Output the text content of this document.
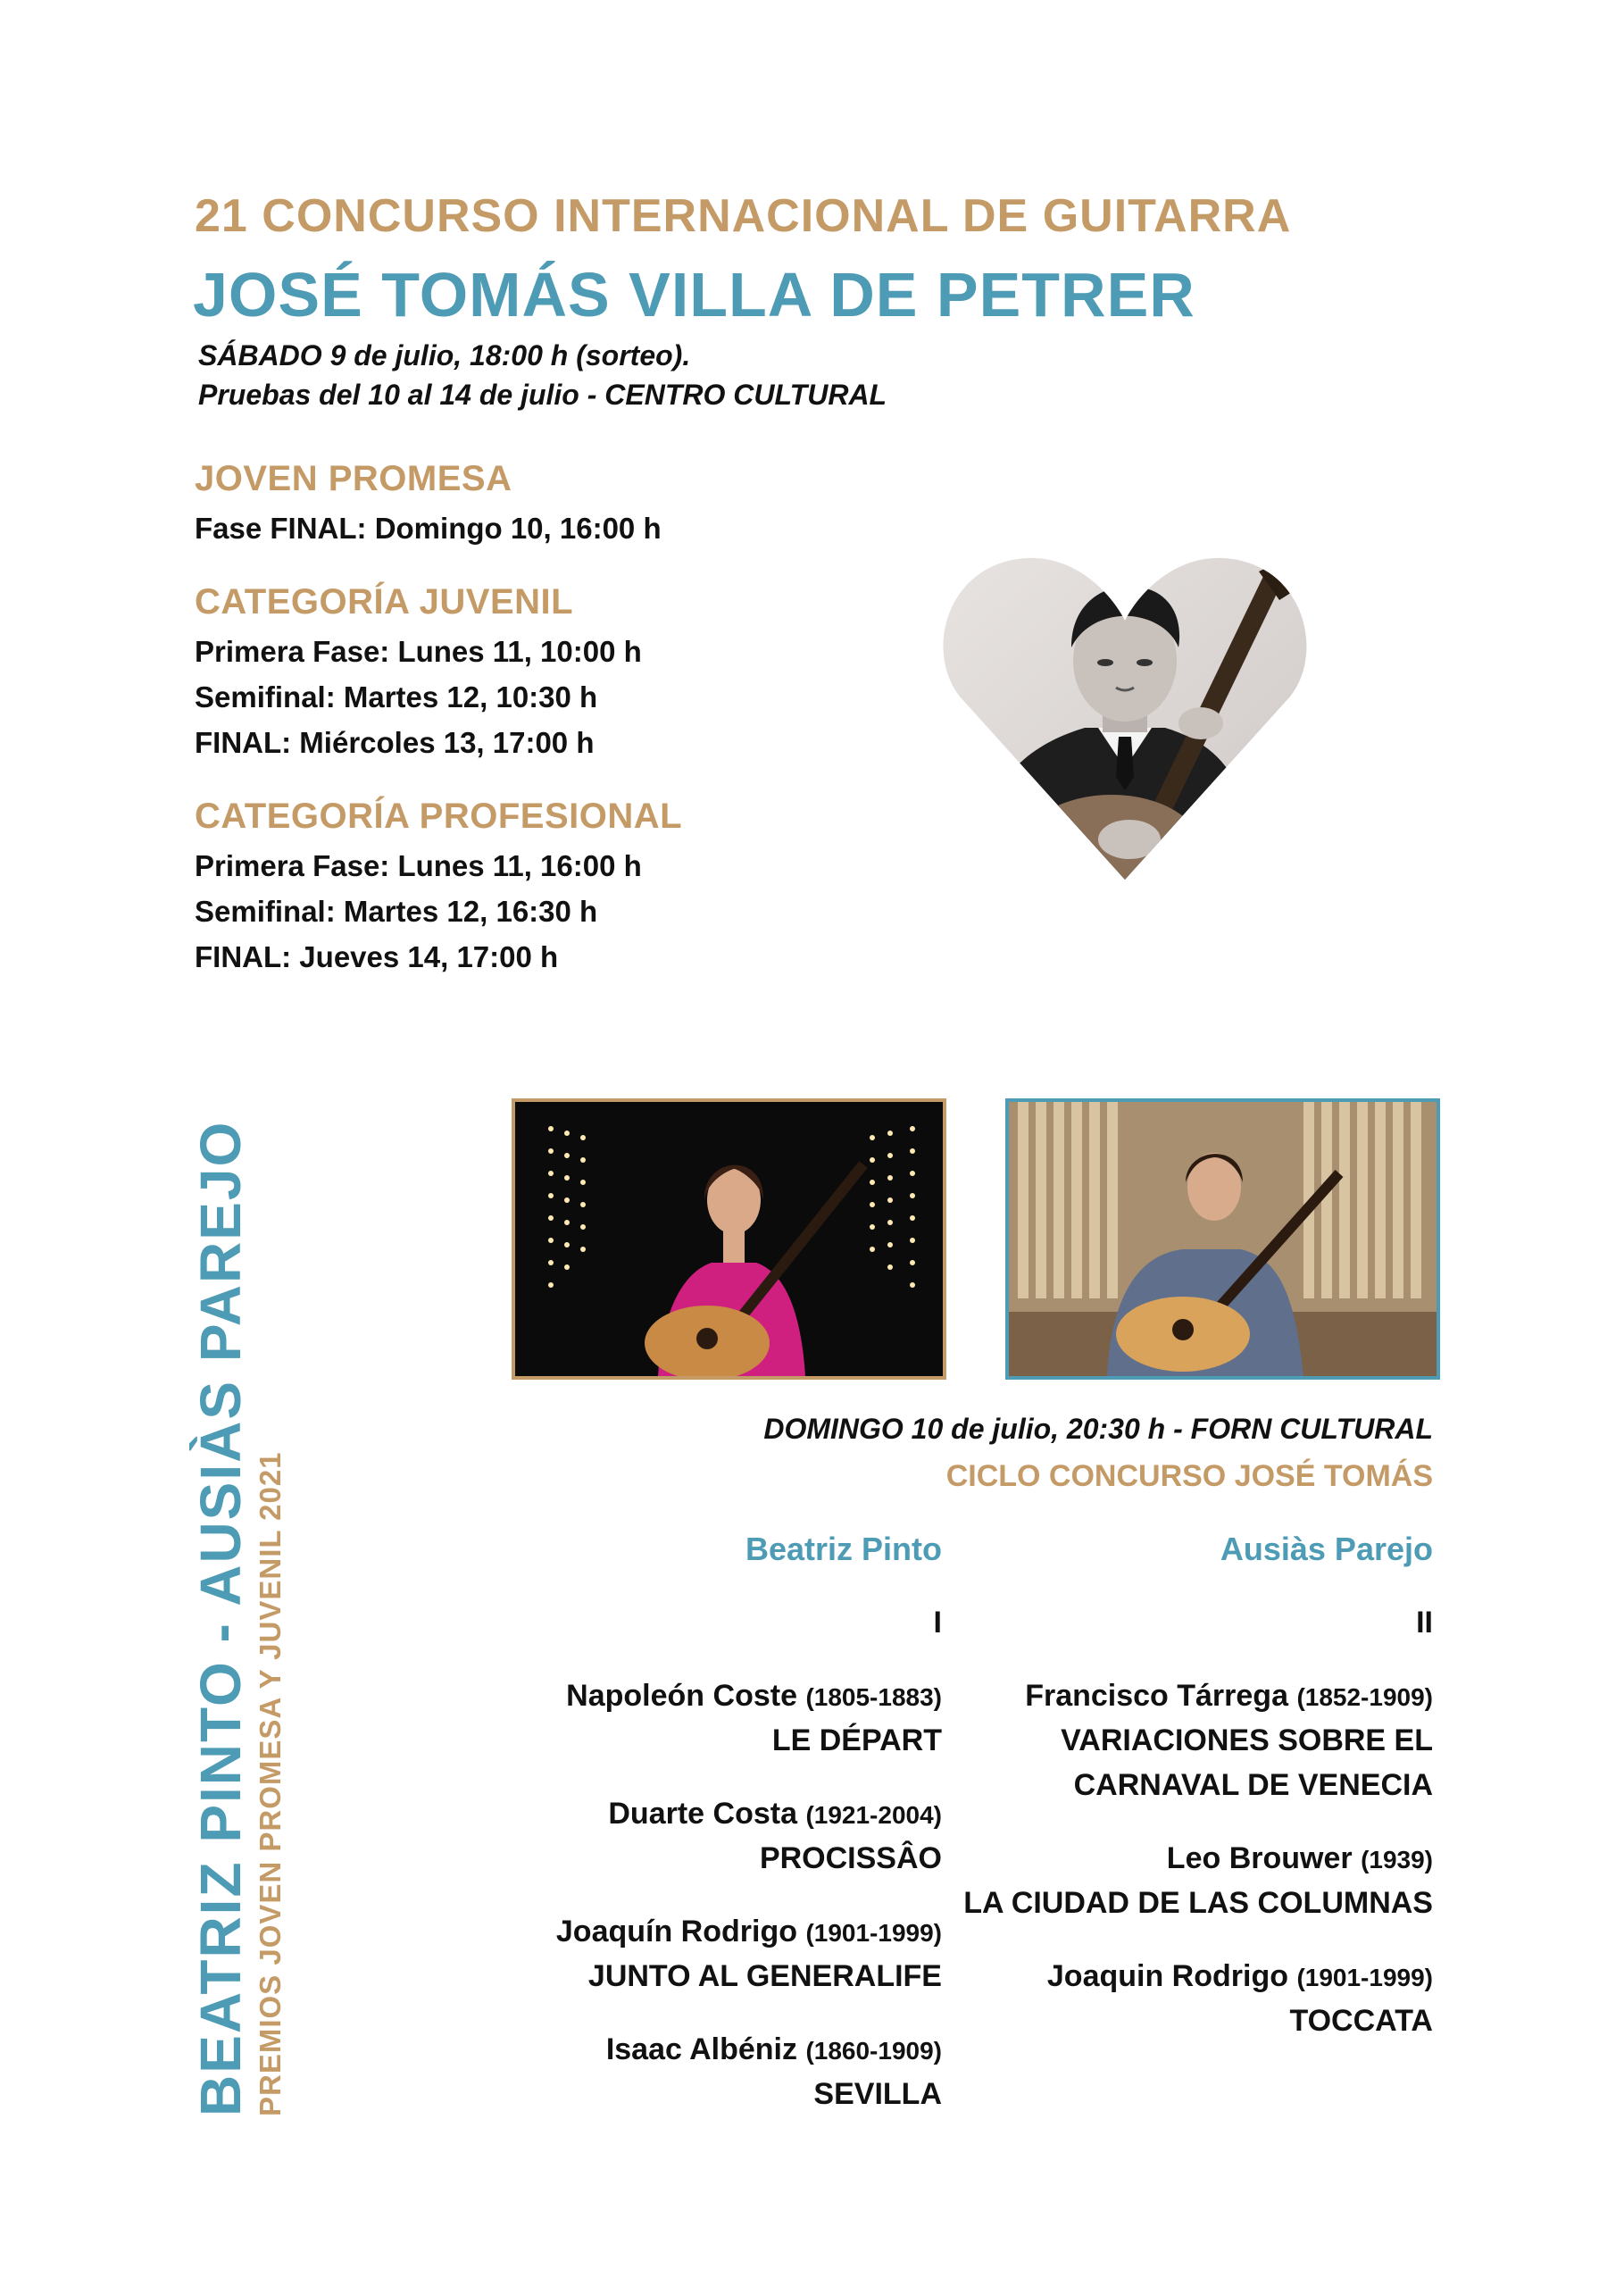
21 CONCURSO INTERNACIONAL DE GUITARRA
JOSÉ TOMÁS VILLA DE PETRER
SÁBADO 9 de julio, 18:00 h (sorteo).
Pruebas del 10 al 14 de julio - CENTRO CULTURAL
JOVEN PROMESA
Fase FINAL: Domingo 10, 16:00 h
CATEGORÍA JUVENIL
Primera Fase: Lunes 11, 10:00 h
Semifinal: Martes 12, 10:30 h
FINAL: Miércoles 13, 17:00 h
CATEGORÍA PROFESIONAL
Primera Fase: Lunes 11, 16:00 h
Semifinal: Martes 12, 16:30 h
FINAL: Jueves 14, 17:00 h
BEATRIZ PINTO - AUSIÀS PAREJO PREMIOS JOVEN PROMESA Y JUVENIL 2021
DOMINGO 10 de julio, 20:30 h - FORN CULTURAL
CICLO CONCURSO JOSÉ TOMÁS
Beatriz Pinto
I
Napoleón Coste (1805-1883)
LE DÉPART
Duarte Costa (1921-2004)
PROCISSÂO
Joaquín Rodrigo (1901-1999)
JUNTO AL GENERALIFE
Isaac Albéniz (1860-1909)
SEVILLA
Ausiàs Parejo
II
Francisco Tárrega (1852-1909)
VARIACIONES SOBRE EL
CARNAVAL DE VENECIA
Leo Brouwer (1939)
LA CIUDAD DE LAS COLUMNAS
Joaquin Rodrigo (1901-1999)
TOCCATA
